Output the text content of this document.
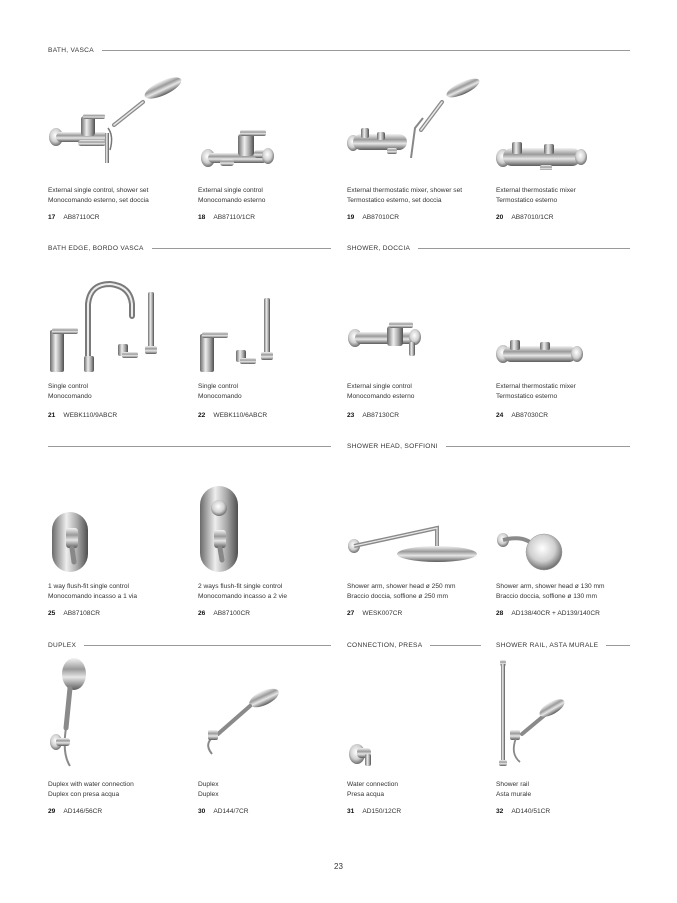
BATH, VASCA
BATH EDGE, BORDO VASCA	SHOWER, DOCCIA
SHOWER HEAD, SOFFIONI
DUPLEX	CONNECTION, PRESA	SHOWER RAIL, ASTA MURALE
External single control, shower set
Monocomando esterno, set doccia
17 AB87110CR
External single control
Monocomando esterno
18 AB87110/1CR
External thermostatic mixer, shower set
Termostatico esterno, set doccia
19 AB87010CR
External thermostatic mixer
Termostatico esterno
20 AB87010/1CR
Single control
Monocomando
21 WEBK110/9ABCR
Single control
Monocomando
22 WEBK110/6ABCR
External single control
Monocomando esterno
23 AB87130CR
External thermostatic mixer
Termostatico esterno
24 AB87030CR
1 way flush-fit single control
Monocomando incasso a 1 via
25 AB87108CR
2 ways flush-fit single control
Monocomando incasso a 2 vie
26 AB87100CR
Shower arm, shower head ø 250 mm
Braccio doccia, soffione ø 250 mm
27 WESK007CR
Shower arm, shower head ø 130 mm
Braccio doccia, soffione ø 130 mm
28 AD138/40CR + AD139/140CR
Duplex with water connection
Duplex con presa acqua
29 AD146/56CR
Duplex
Duplex
30 AD144/7CR
Water connection
Presa acqua
31 AD150/12CR
Shower rail
Asta murale
32 AD140/51CR
23
